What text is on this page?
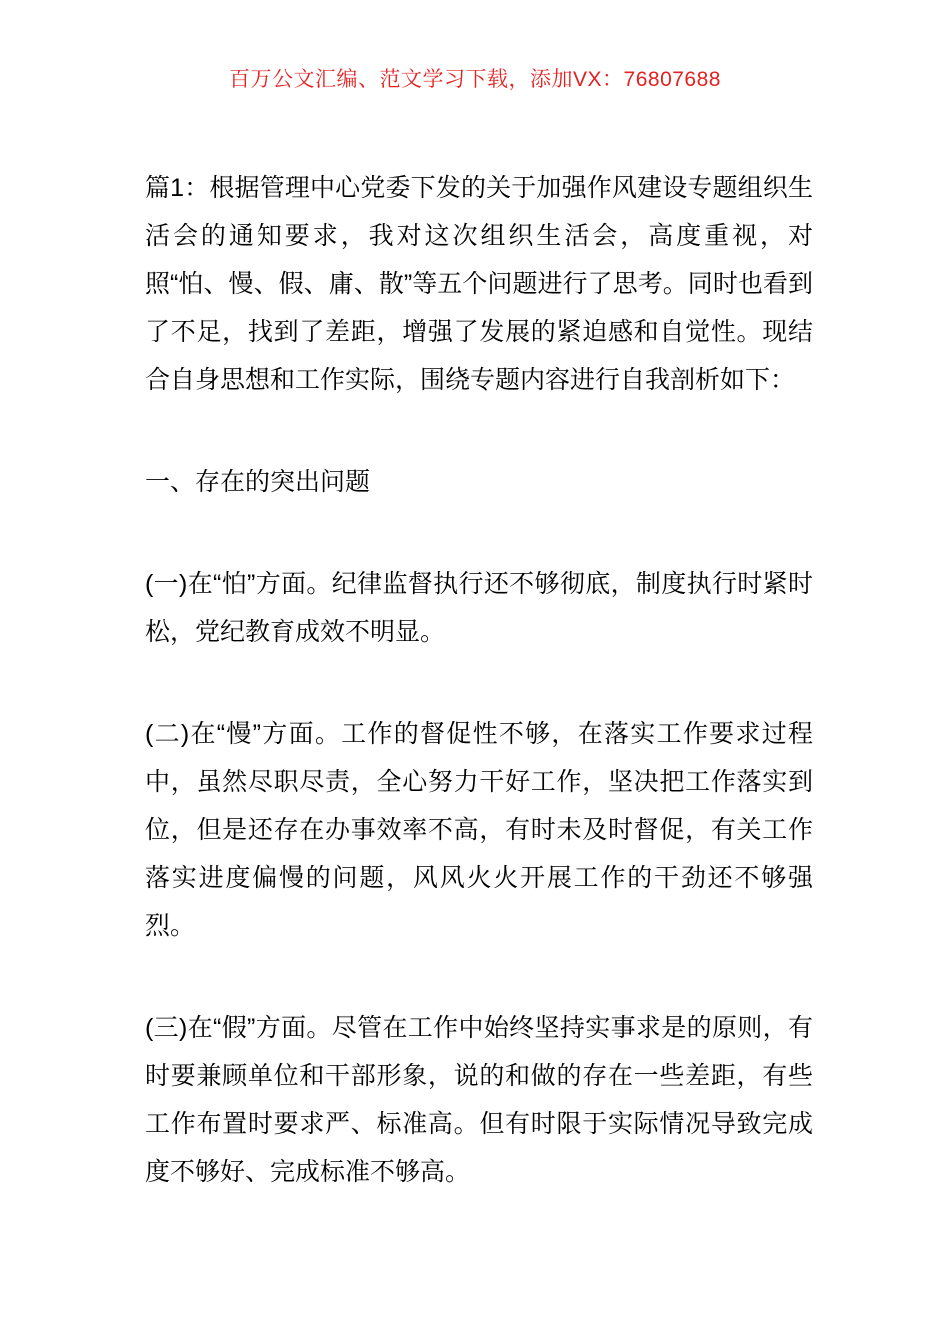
百万公文汇编、范文学习下载，添加VX：76807688

篇1：根据管理中心党委下发的关于加强作风建设专题组织生活会的通知要求，我对这次组织生活会，高度重视，对照“怕、慢、假、庸、散”等五个问题进行了思考。同时也看到了不足，找到了差距，增强了发展的紧迫感和自觉性。现结合自身思想和工作实际，围绕专题内容进行自我剖析如下：

一、存在的突出问题

(一)在“怕”方面。纪律监督执行还不够彻底，制度执行时紧时松，党纪教育成效不明显。

(二)在“慢”方面。工作的督促性不够，在落实工作要求过程中，虽然尽职尽责，全心努力干好工作，坚决把工作落实到位，但是还存在办事效率不高，有时未及时督促，有关工作落实进度偏慢的问题，风风火火开展工作的干劲还不够强烈。

(三)在“假”方面。尽管在工作中始终坚持实事求是的原则，有时要兼顾单位和干部形象，说的和做的存在一些差距，有些工作布置时要求严、标准高。但有时限于实际情况导致完成度不够好、完成标准不够高。
